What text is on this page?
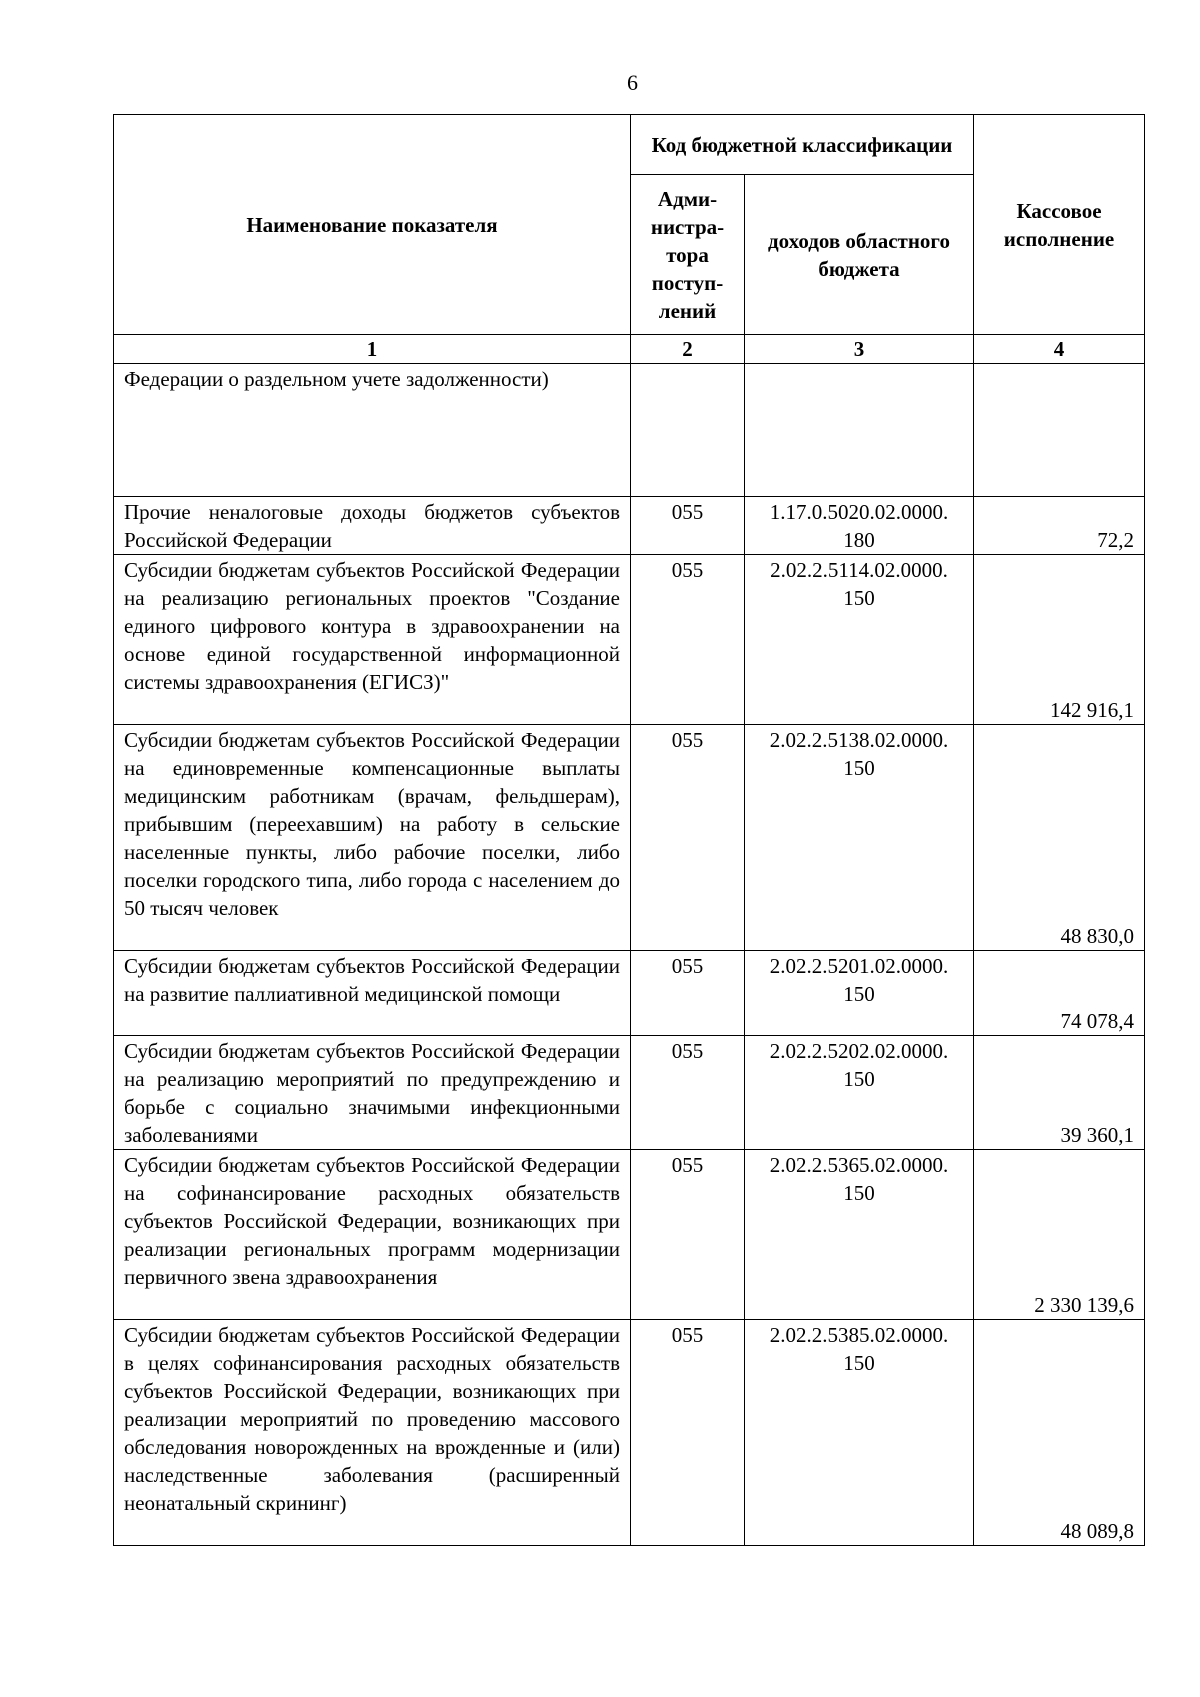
6
Наименование показателя	Код бюджетной классификации		Кассовое исполнение
	Адми-нистра-тора поступ-лений	доходов областного бюджета	
1	2	3	4
Федерации о раздельном учете задолженности)			
Прочие неналоговые доходы бюджетов субъектов Российской Федерации	055	1.17.0.5020.02.0000. 180	72,2
Субсидии бюджетам субъектов Российской Федерации на реализацию региональных проектов "Создание единого цифрового контура в здравоохранении на основе единой государственной информационной системы здравоохранения (ЕГИСЗ)"	055	2.02.2.5114.02.0000. 150	142 916,1
Субсидии бюджетам субъектов Российской Федерации на единовременные компенсационные выплаты медицинским работникам (врачам, фельдшерам), прибывшим (переехавшим) на работу в сельские населенные пункты, либо рабочие поселки, либо поселки городского типа, либо города с населением до 50 тысяч человек	055	2.02.2.5138.02.0000. 150	48 830,0
Субсидии бюджетам субъектов Российской Федерации на развитие паллиативной медицинской помощи	055	2.02.2.5201.02.0000. 150	74 078,4
Субсидии бюджетам субъектов Российской Федерации на реализацию мероприятий по предупреждению и борьбе с социально значимыми инфекционными заболеваниями	055	2.02.2.5202.02.0000. 150	39 360,1
Субсидии бюджетам субъектов Российской Федерации на софинансирование расходных обязательств субъектов Российской Федерации, возникающих при реализации региональных программ модернизации первичного звена здравоохранения	055	2.02.2.5365.02.0000. 150	2 330 139,6
Субсидии бюджетам субъектов Российской Федерации в целях софинансирования расходных обязательств субъектов Российской Федерации, возникающих при реализации мероприятий по проведению массового обследования новорожденных на врожденные и (или) наследственные заболевания (расширенный неонатальный скрининг)	055	2.02.2.5385.02.0000. 150	48 089,8
